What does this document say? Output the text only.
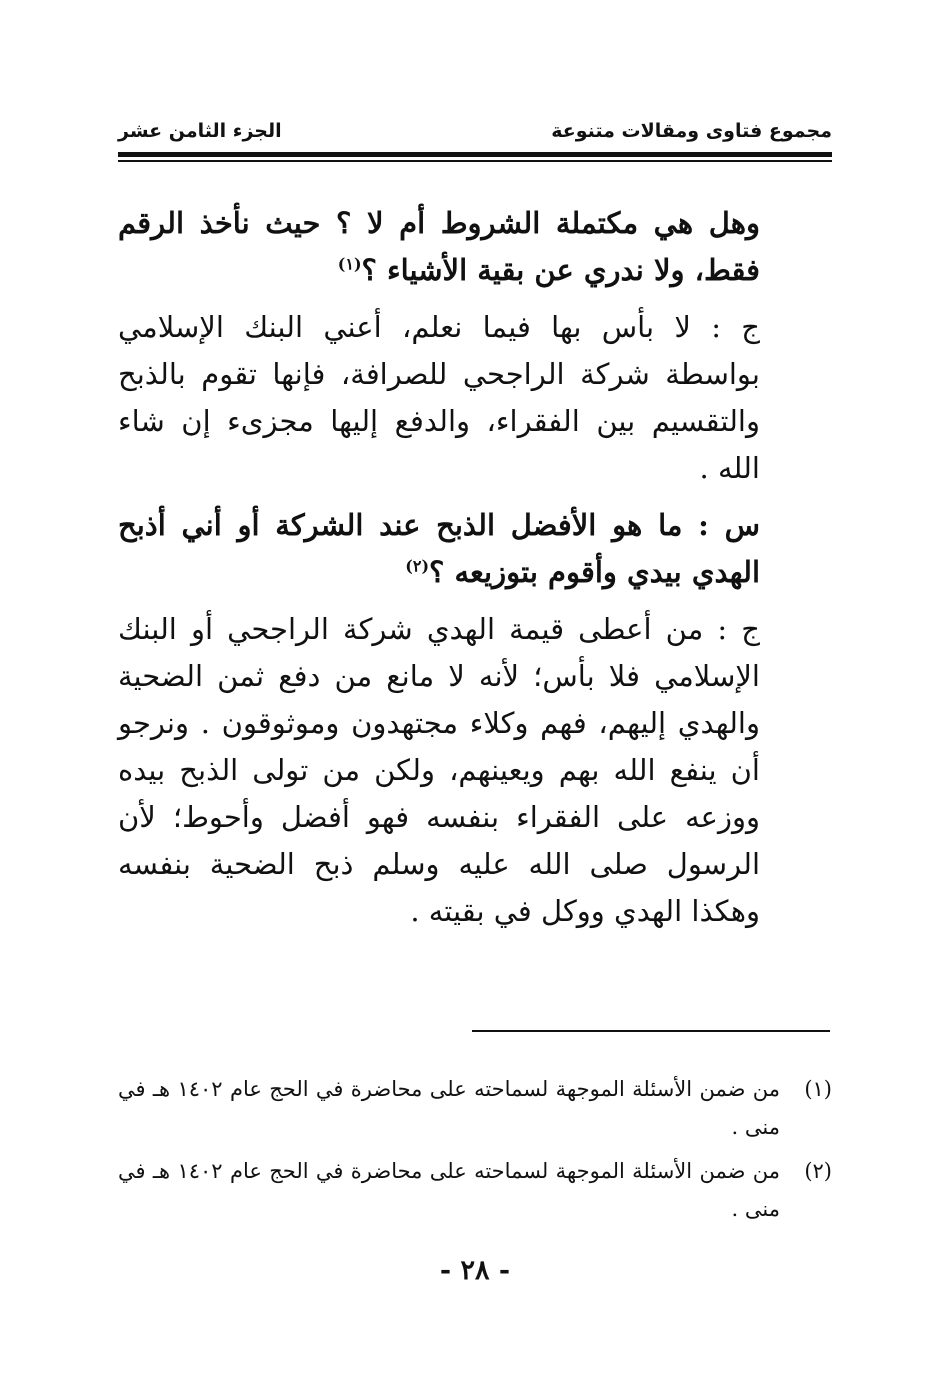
مجموع فتاوى ومقالات متنوعة
الجزء الثامن عشر

وهل هي مكتملة الشروط أم لا ؟ حيث نأخذ الرقم فقط، ولا ندري عن بقية الأشياء ؟$^{(١)}$

ج : لا بأس بها فيما نعلم، أعني البنك الإسلامي بواسطة شركة الراجحي للصرافة، فإنها تقوم بالذبح والتقسيم بين الفقراء، والدفع إليها مجزىء إن شاء الله .

س : ما هو الأفضل الذبح عند الشركة أو أني أذبح الهدي بيدي وأقوم بتوزيعه ؟$^{(٢)}$

ج : من أعطى قيمة الهدي شركة الراجحي أو البنك الإسلامي فلا بأس؛ لأنه لا مانع من دفع ثمن الضحية والهدي إليهم، فهم وكلاء مجتهدون وموثوقون . ونرجو أن ينفع الله بهم ويعينهم، ولكن من تولى الذبح بيده ووزعه على الفقراء بنفسه فهو أفضل وأحوط؛ لأن الرسول صلى الله عليه وسلم ذبح الضحية بنفسه وهكذا الهدي ووكل في بقيته .

(١)
من ضمن الأسئلة الموجهة لسماحته على محاضرة في الحج عام ١٤٠٢ هـ في منى .
(٢)
من ضمن الأسئلة الموجهة لسماحته على محاضرة في الحج عام ١٤٠٢ هـ في منى .
- ٢٨ -
